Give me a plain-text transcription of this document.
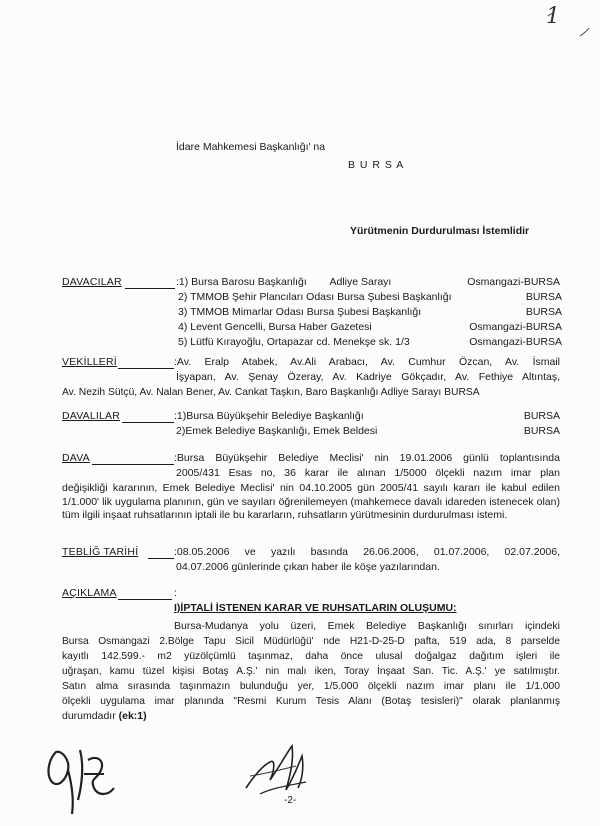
1
İdare Mahkemesi Başkanlığı' na
B U R S A
Yürütmenin Durdurulması İstemlidir
DAVACILAR	:1) Bursa Barosu Başkanlığı        Adliye Sarayı	Osmangazi-BURSA
2) TMMOB Şehir Plancıları Odası Bursa Şubesi Başkanlığı	BURSA
3) TMMOB Mimarlar Odası Bursa Şubesi Başkanlığı	BURSA
4) Levent Gencelli, Bursa Haber Gazetesi	Osmangazi-BURSA
5) Lütfü Kırayoğlu, Ortapazar cd. Menekşe sk. 1/3	Osmangazi-BURSA
VEKİLLERİ	:Av. Eralp Atabek, Av.Ali Arabacı, Av. Cumhur Özcan, Av. İsmail
İşyapan, Av. Şenay Özeray, Av. Kadriye Gökçadır, Av. Fethiye Altıntaş,
Av. Nezih Sütçü, Av. Nalan Bener, Av. Cankat Taşkın, Baro Başkanlığı Adliye Sarayı BURSA
DAVALILAR	:1)Bursa Büyükşehir Belediye Başkanlığı	BURSA
2)Emek Belediye Başkanlığı, Emek Beldesi	BURSA
DAVA	:Bursa Büyükşehir Belediye Meclisi' nin 19.01.2006 günlü toplantısında
2005/431 Esas no, 36 karar ile alınan 1/5000 ölçekli nazım imar plan
değişikliği kararının, Emek Belediye Meclisi' nin 04.10.2005 gün 2005/41 sayılı kararı ile kabul edilen 1/1.000' lik uygulama planının, gün ve sayıları öğrenilemeyen (mahkemece davalı idareden istenecek olan) tüm ilgili inşaat ruhsatlarının iptali ile bu kararların, ruhsatların yürütmesinin durdurulması istemi.
TEBLİĞ TARİHİ	:08.05.2006 ve yazılı basında 26.06.2006, 01.07.2006, 02.07.2006,
04.07.2006 günlerinde çıkan haber ile köşe yazılarından.
AÇIKLAMA	:
I)İPTALİ İSTENEN KARAR VE RUHSATLARIN OLUŞUMU:
Bursa-Mudanya yolu üzeri, Emek Belediye Başkanlığı sınırları içindeki
Bursa Osmangazi 2.Bölge Tapu Sicil Müdürlüğü' nde H21-D-25-D pafta, 519 ada, 8 parselde
kayıtlı 142.599.- m2 yüzölçümlü taşınmaz, daha önce ulusal doğalgaz dağıtım işleri ile
uğraşan, kamu tüzel kişisi Botaş A.Ş.' nin malı iken, Toray İnşaat San. Tic. A.Ş.' ye satılmıştır.
Satın alma sırasında taşınmazın bulunduğu yer, 1/5.000 ölçekli nazım imar planı ile 1/1.000
ölçekli uygulama imar planında "Resmi Kurum Tesis Alanı (Botaş tesisleri)" olarak planlanmış
durumdadır (ek:1)
-2-
